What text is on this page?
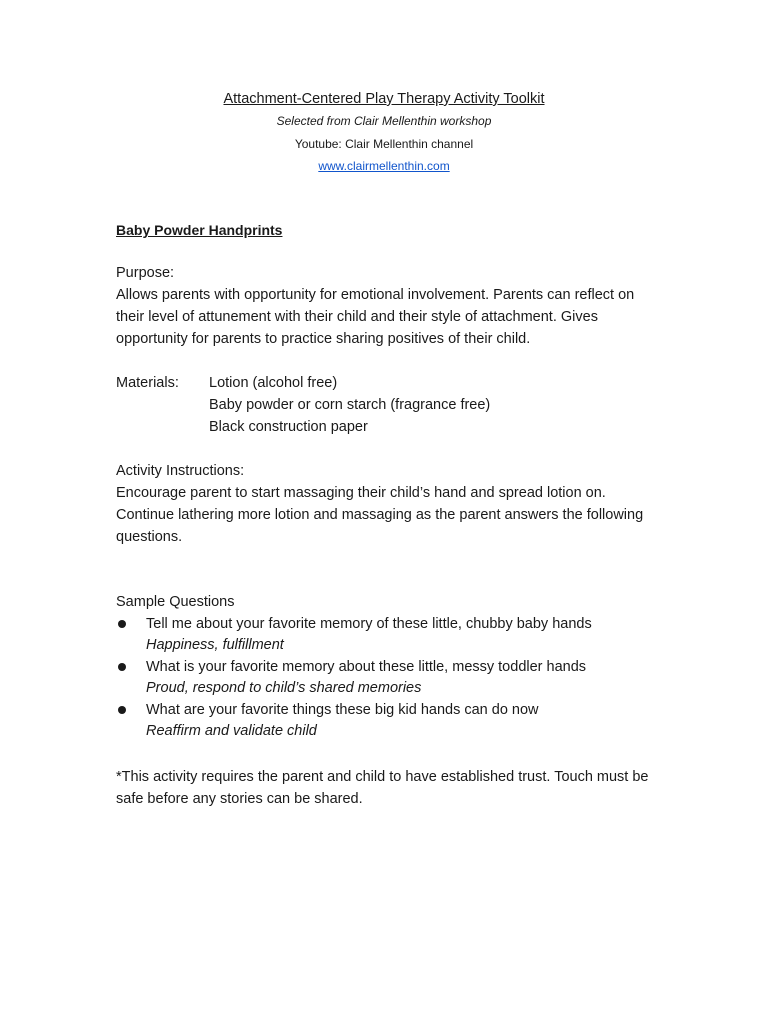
Attachment-Centered Play Therapy Activity Toolkit
Selected from Clair Mellenthin workshop
Youtube: Clair Mellenthin channel
www.clairmellenthin.com
Baby Powder Handprints
Purpose:
Allows parents with opportunity for emotional involvement. Parents can reflect on their level of attunement with their child and their style of attachment. Gives opportunity for parents to practice sharing positives of their child.
Materials:	Lotion (alcohol free)
Baby powder or corn starch (fragrance free)
Black construction paper
Activity Instructions:
Encourage parent to start massaging their child’s hand and spread lotion on. Continue lathering more lotion and massaging as the parent answers the following questions.
Sample Questions
Tell me about your favorite memory of these little, chubby baby hands
Happiness, fulfillment
What is your favorite memory about these little, messy toddler hands
Proud, respond to child’s shared memories
What are your favorite things these big kid hands can do now
Reaffirm and validate child
*This activity requires the parent and child to have established trust. Touch must be safe before any stories can be shared.
